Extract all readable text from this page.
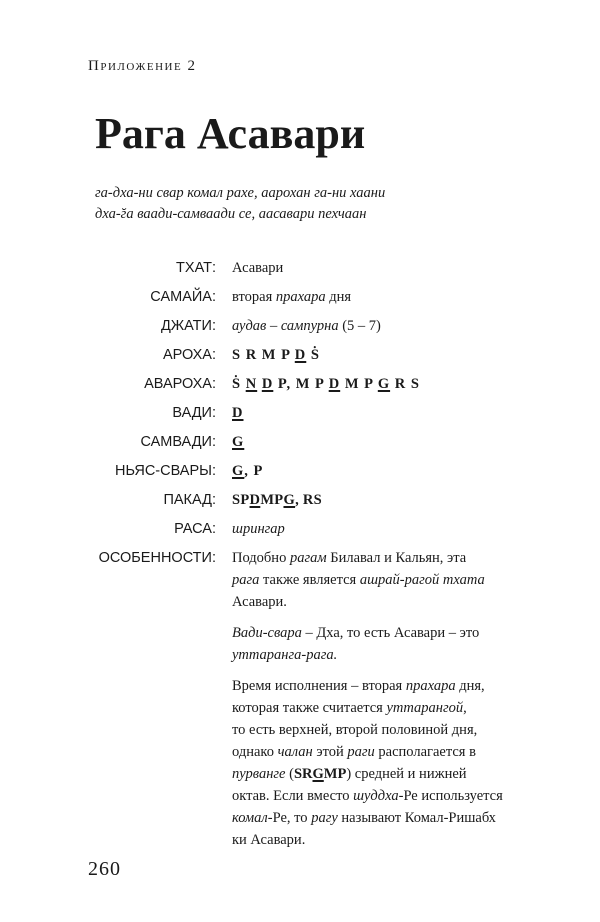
Приложение 2
Рага Асавари
га-дха-ни свар комал рахе, аарохан га-ни хаани
дха-̆га ваади-самваади се, аасавари пехчаан
ТХАТ:	Асавари
САМАЙА:	вторая прахара дня
ДЖАТИ:	аудав – сампурна (5 – 7)
АРОХА:	S R M P D Ṡ
АВАРОХА:	Ṡ N D P, M P D M P G R S
ВАДИ:	D
САМВАДИ:	G
НЬЯС-СВАРЫ:	G, P
ПАКАД:	SPDMPG, RS
РАСА:	шрингар
ОСОБЕННОСТИ:	Подобно рагам Билавал и Кальян, эта
рага также является ашрай-рагой тхата
Асавари.

Вади-свара – Дха, то есть Асавари – это
уттаранга-рага.

Время исполнения – вторая прахара дня,
которая также считается уттарангой,
то есть верхней, второй половиной дня,
однако чалан этой раги располагается в
пурванге (SRGMP) средней и нижней
октав. Если вместо шуддха-Ре используется
комал-Ре, то рагу называют Комал-Ришабх
ки Асавари.

260
